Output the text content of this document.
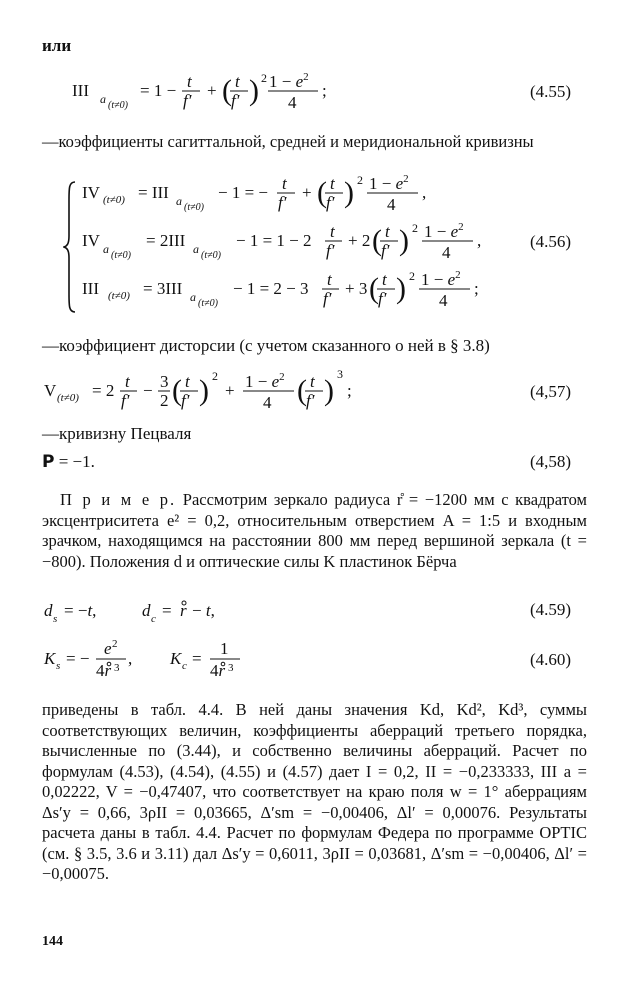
или
III a (t≠0)
= 1 − t
f′
+ ( t
f′ ) 2 $1 - e^2$
4
;	(4.55)
—коэффициенты сагиттальной, средней и меридиональной кривизны
IV (t≠0) = III a (t≠0)
− 1 = − t
f′
+ ( t
f′ ) 2 $1 - e^2$
4
,
IV a (t≠0)
= 2III a (t≠0)
− 1 = 1 − 2 t
f′
+ 2 ( t
f′ ) 2 $1 - e^2$
4
,	(4.56)
III (t≠0) = 3III a (t≠0)
− 1 = 2 − 3 t
f′
+ 3 ( t
f′ ) 2 $1 - e^2$
4
;
—коэффициент дисторсии (с учетом сказанного о ней в § 3.8)
V (t≠0) = 2 t
f′
− 3
2 ( t
f′ ) 2
+ $1 - e^2$
4 ( t
f′ ) 3
;	(4,57)
—кривизну Пецваля
P = −1.	(4,58)
П р и м е р. Рассмотрим зеркало радиуса r̊ = −1200 мм с квадратом эксцентриситета e² = 0,2, относительным отверстием A = 1:5 и входным зрачком, находящимся на расстоянии 800 мм перед вершиной зеркала (t = −800). Положения d и оптические силы K пластинок Бёрча
d s = −t,	d c = r − t,	(4.59)
K s = −
e 2
4r 3 , K c =
1
4r 3	(4.60)
приведены в табл. 4.4. В ней даны значения Kd, Kd², Kd³, суммы соответствующих величин, коэффициенты аберраций третьего порядка, вычисленные по (3.44), и собственно величины аберраций. Расчет по формулам (4.53), (4.54), (4.55) и (4.57) дает I = 0,2, II = −0,233333, III a = 0,02222, V = −0,47407, что соответствует на краю поля w = 1° аберрациям Δs′y = 0,66, 3ρII = 0,03665, Δ′sm = −0,00406, Δl′ = 0,00076. Результаты расчета даны в табл. 4.4. Расчет по формулам Федера по программе OPTIC (см. § 3.5, 3.6 и 3.11) дал Δs′y = 0,6011, 3ρII = 0,03681, Δ′sm = −0,00406, Δl′ = −0,00075.
144
